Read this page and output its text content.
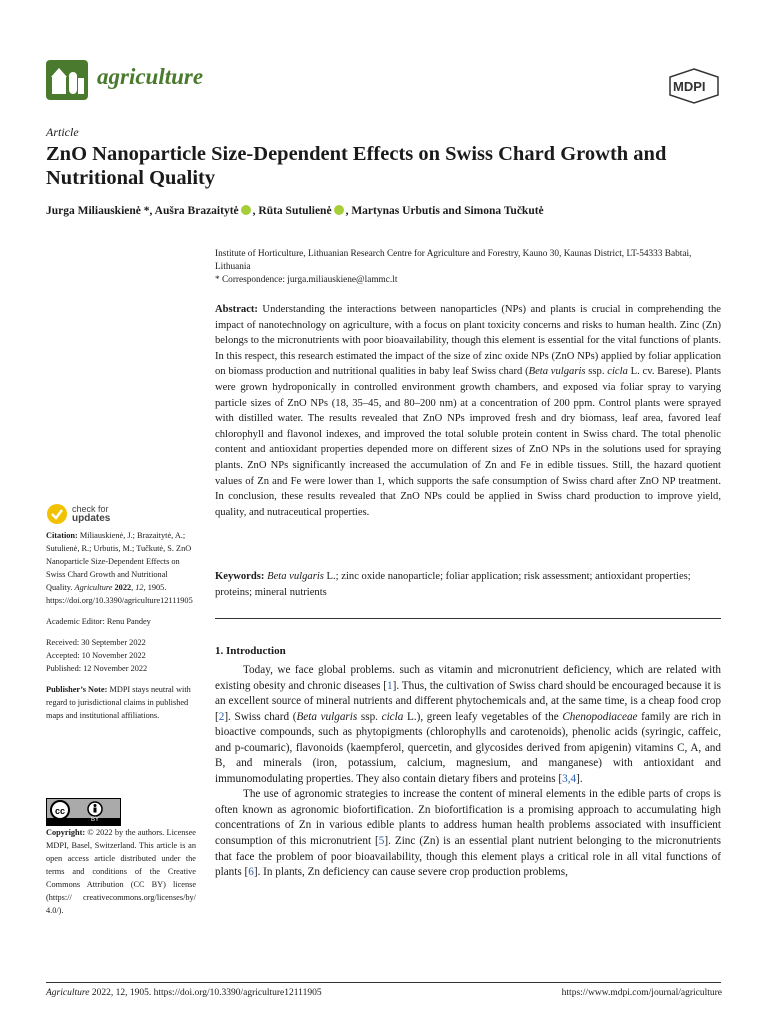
agriculture	MDPI
Article
ZnO Nanoparticle Size-Dependent Effects on Swiss Chard Growth and Nutritional Quality
Jurga Miliauskienė *, Aušra Brazaitytė , Rūta Sutulienė , Martynas Urbutis and Simona Tučkutė
Institute of Horticulture, Lithuanian Research Centre for Agriculture and Forestry, Kauno 30, Kaunas District, LT-54333 Babtai, Lithuania
* Correspondence: jurga.miliauskiene@lammc.lt
Abstract: Understanding the interactions between nanoparticles (NPs) and plants is crucial in comprehending the impact of nanotechnology on agriculture, with a focus on plant toxicity concerns and risks to human health. Zinc (Zn) belongs to the micronutrients with poor bioavailability, though this element is essential for the vital functions of plants. In this respect, this research estimated the impact of the size of zinc oxide NPs (ZnO NPs) applied by foliar application on biomass production and nutritional qualities in baby leaf Swiss chard (Beta vulgaris ssp. cicla L. cv. Barese). Plants were grown hydroponically in controlled environment growth chambers, and exposed via foliar spray to varying particle sizes of ZnO NPs (18, 35–45, and 80–200 nm) at a concentration of 200 ppm. Control plants were sprayed with distilled water. The results revealed that ZnO NPs improved fresh and dry biomass, leaf area, favored leaf chlorophyll and flavonol indexes, and improved the total soluble protein content in Swiss chard. The total phenolic content and antioxidant properties depended more on different sizes of ZnO NPs in the solutions used for spraying plants. ZnO NPs significantly increased the accumulation of Zn and Fe in edible tissues. Still, the hazard quotient values of Zn and Fe were lower than 1, which supports the safe consumption of Swiss chard after ZnO NP treatment. In conclusion, these results revealed that ZnO NPs could be applied in Swiss chard production to improve yield, quality, and nutraceutical properties.
Keywords: Beta vulgaris L.; zinc oxide nanoparticle; foliar application; risk assessment; antioxidant properties; proteins; mineral nutrients
1. Introduction

Today, we face global problems. such as vitamin and micronutrient deficiency, which are related with existing obesity and chronic diseases [1]. Thus, the cultivation of Swiss chard should be encouraged because it is an excellent source of mineral nutrients and different phytochemicals and, at the same time, is a cheap food crop [2]. Swiss chard (Beta vulgaris ssp. cicla L.), green leafy vegetables of the Chenopodiaceae family are rich in bioactive compounds, such as phytopigments (chlorophylls and carotenoids), phenolic acids (syringic, caffeic, and p-coumaric), flavonoids (kaempferol, quercetin, and glycosides derived from apigenin) vitamins C, A, and B, and minerals (iron, potassium, calcium, magnesium, and manganese) with antioxidant and immunomodulating properties. They also contain dietary fibers and proteins [3,4].

The use of agronomic strategies to increase the content of mineral elements in the edible parts of crops is often known as agronomic biofortification. Zn biofortification is a promising approach to accumulating high concentrations of Zn in various edible plants to address human health problems associated with insufficient consumption of this micronutrient [5]. Zinc (Zn) is an essential plant nutrient belonging to the micronutrients that face the problem of poor bioavailability, though this element plays a critical role in all vital functions of plants [6]. In plants, Zn deficiency can cause severe crop production problems,

check for
updates

Citation: Miliauskienė, J.; Brazaitytė, A.; Sutulienė, R.; Urbutis, M.; Tučkutė, S. ZnO Nanoparticle Size-Dependent Effects on Swiss Chard Growth and Nutritional Quality. Agriculture 2022, 12, 1905. https://doi.org/10.3390/agriculture12111905

Academic Editor: Renu Pandey

Received: 30 September 2022
Accepted: 10 November 2022
Published: 12 November 2022

Publisher’s Note: MDPI stays neutral with regard to jurisdictional claims in published maps and institutional affiliations.

cc
BY
Copyright: © 2022 by the authors. Licensee MDPI, Basel, Switzerland. This article is an open access article distributed under the terms and conditions of the Creative Commons Attribution (CC BY) license (https:// creativecommons.org/licenses/by/ 4.0/).
Agriculture 2022, 12, 1905. https://doi.org/10.3390/agriculture12111905	https://www.mdpi.com/journal/agriculture
